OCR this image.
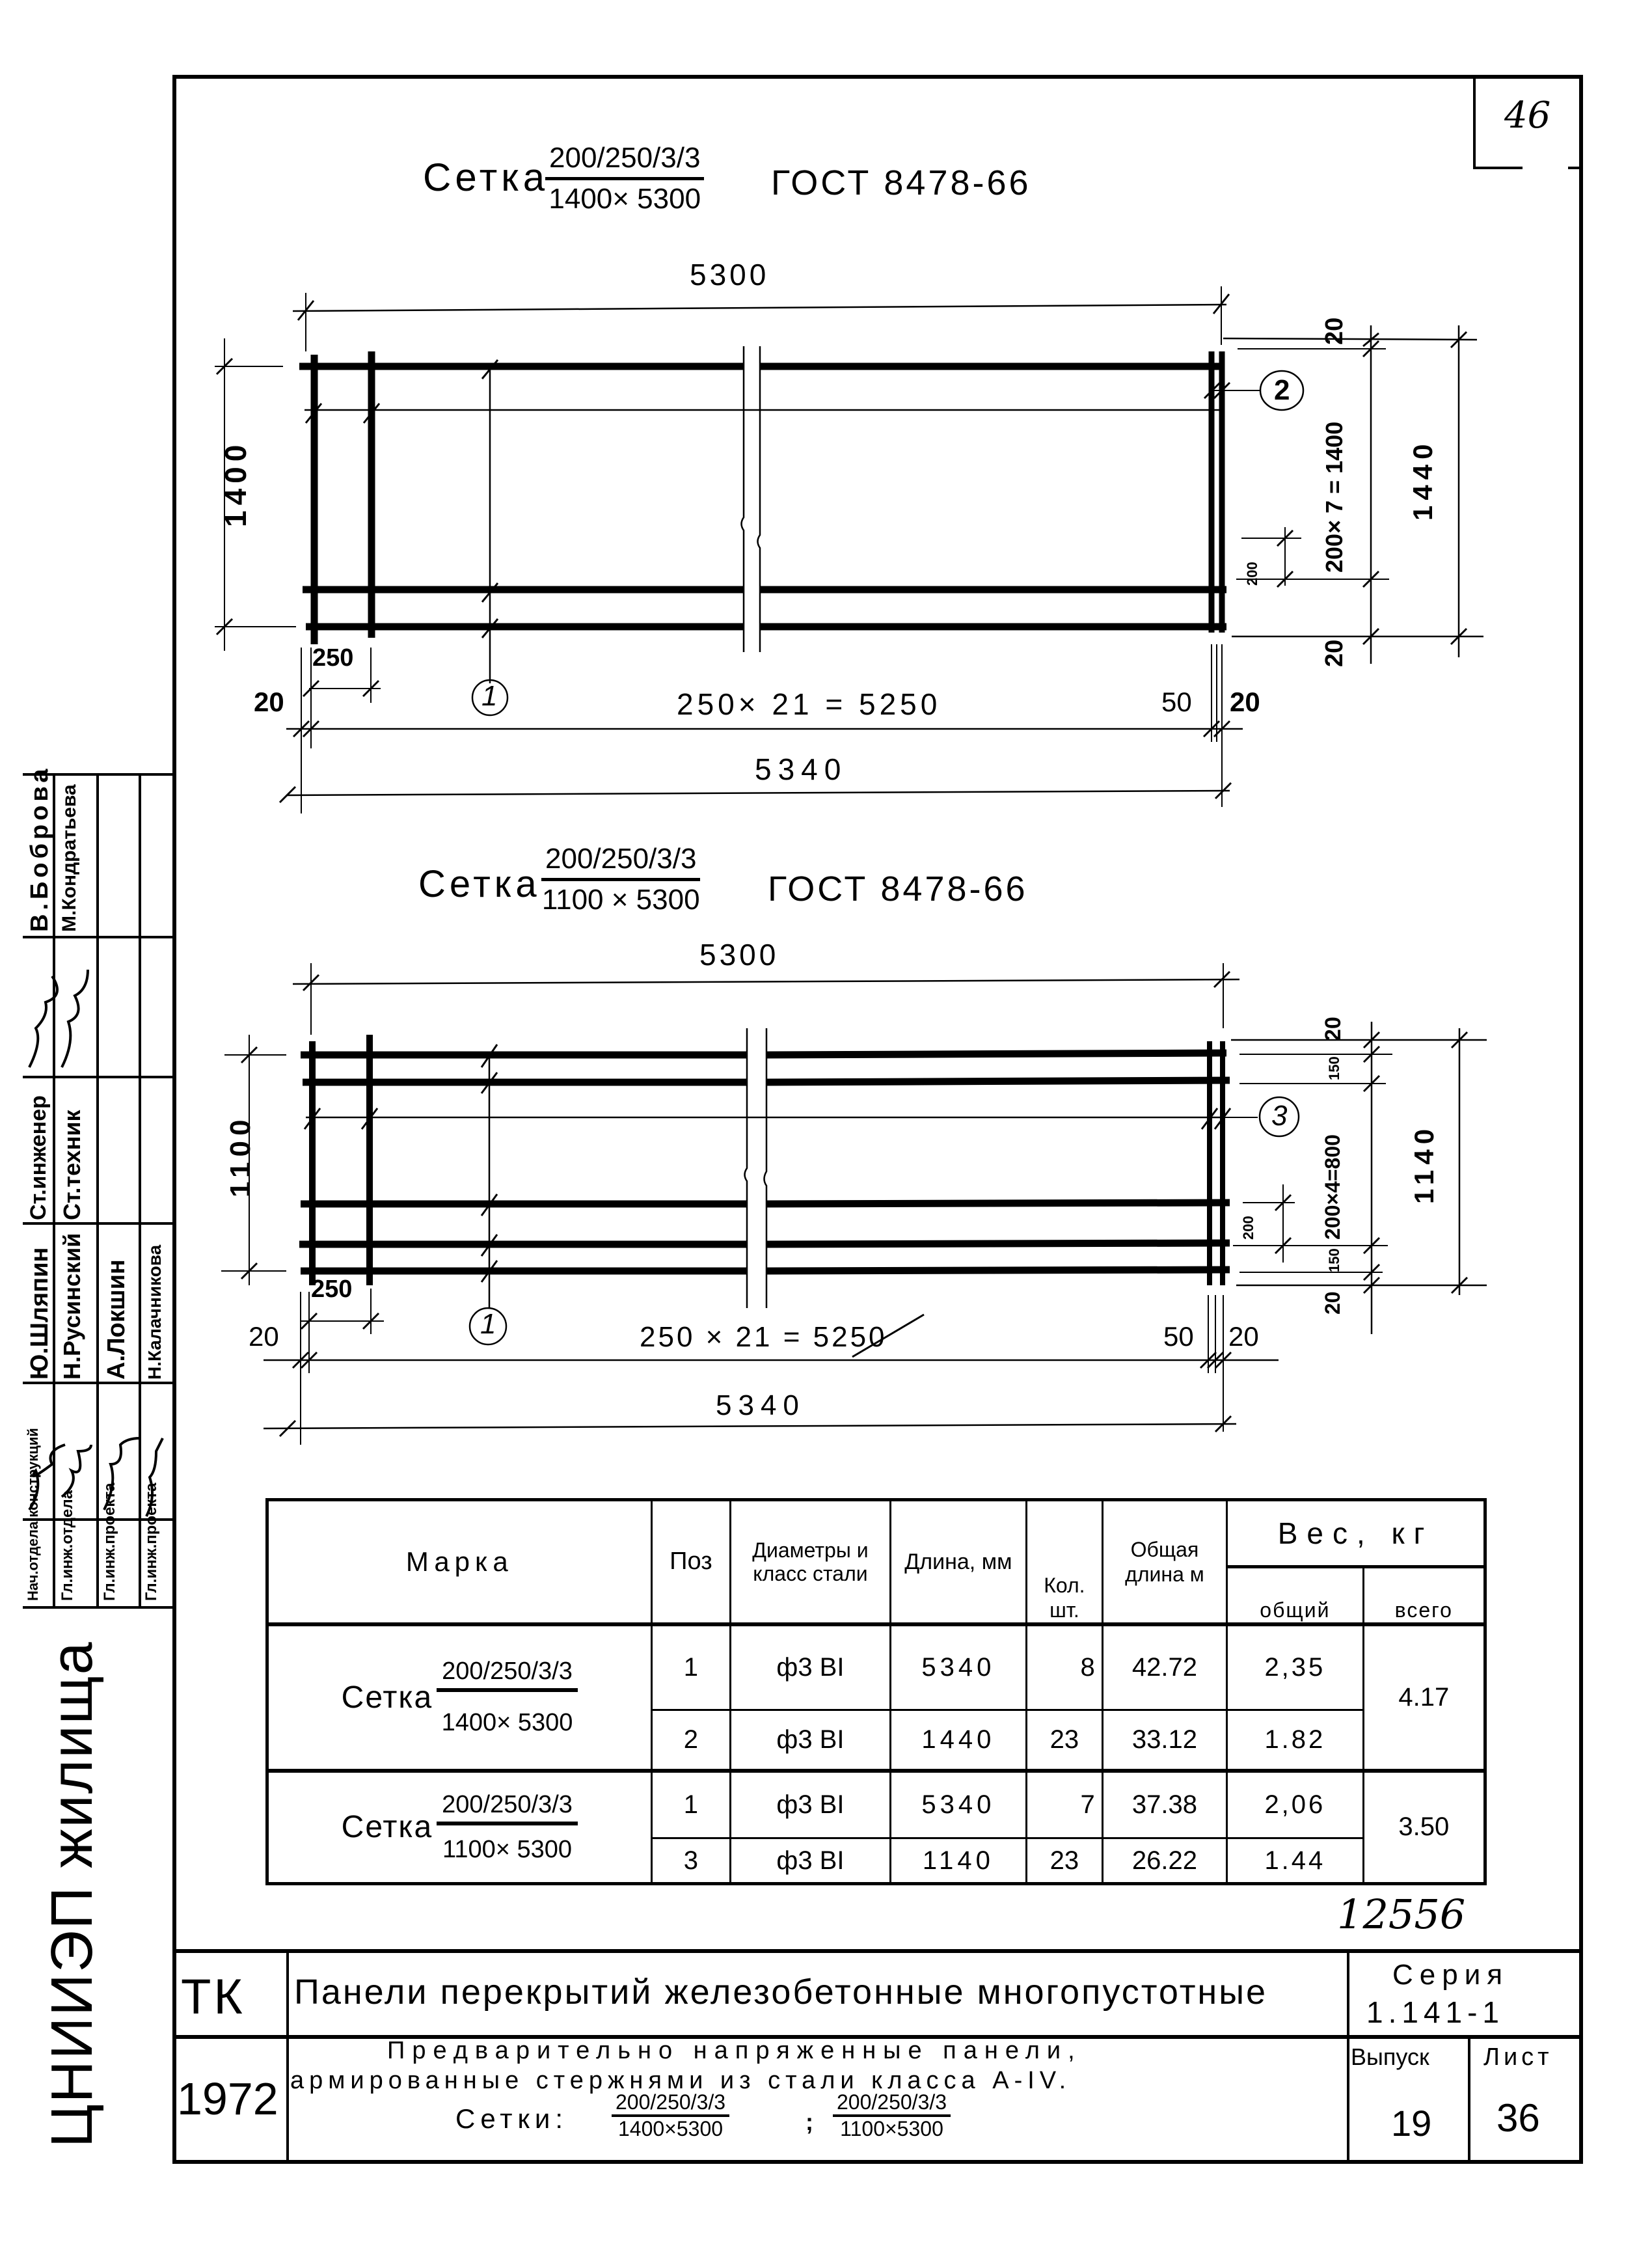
46
Сетка
$\frac{200/250/3/3}{1400\times 5300}$ ГОСТ 8478-66
5300
1400
250
20	1	250× 21 = 5250	50 20
5340
2
20
200× 7 = 1400
20
1440
200
Сетка $\frac{200/250/3/3}{1100 \times 5300}$ ГОСТ 8478-66
5300
1100
250
20	1	250 × 21 = 5250	50 20
5340
3
20
150
200×4=800
150
20
1140
200
Марка	Поз	Диаметры и класс стали	Длина, мм	Кол. шт.	Общая длина м	Вес, кг	
						общий	всего

Сетка $\frac{200/250/3/3}{1400\times 5300}$	1	ф3 ВI	5340	8	42.72	2,35	4.17
	2	ф3 ВI	1440	23	33.12	1.82	

Сетка $\frac{200/250/3/3}{1100\times 5300}$	1	ф3 ВI	5340	7	37.38	2,06	3.50
	3	ф3 ВI	1140	23	26.22	1.44	
12556
ТК
1972
Панели перекрытий железобетонные многопустотные
Предварительно напряженные панели,
армированные стержнями из стали класса А-IV.
Сетки: $\frac{200/250/3/3}{1400\times 5300}$	; $\frac{200/250/3/3}{1100\times 5300}$
Серия
1.141-1
Выпуск
19
Лист
36
ЦНИИЭП жилища
Нач.отдела конструкций Гл.инж.отдела Гл.инж.проекта Гл.инж.проекта
Ю.Шляпин Н.Русинский А.Локшин Н.Калачникова
Ст.инженер Ст.техник
В.Боброва М.Кондратьева
